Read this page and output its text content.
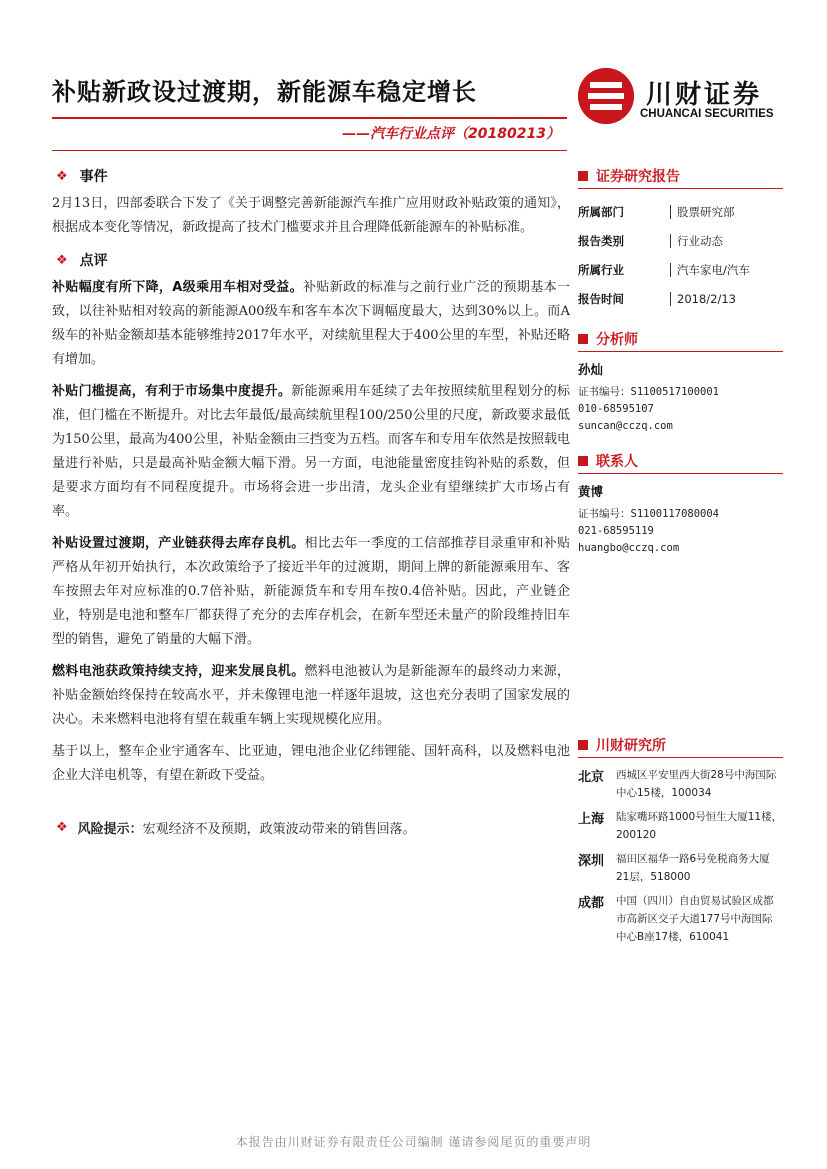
补贴新政设过渡期，新能源车稳定增长	川财证券
CHUANCAI SECURITIES
——汽车行业点评（20180213）
❖ 事件

2月13日，四部委联合下发了《关于调整完善新能源汽车推广应用财政补贴政策的通知》，根据成本变化等情况，新政提高了技术门槛要求并且合理降低新能源车的补贴标准。

❖ 点评

补贴幅度有所下降，A级乘用车相对受益。补贴新政的标准与之前行业广泛的预期基本一致，以往补贴相对较高的新能源A00级车和客车本次下调幅度最大，达到30%以上。而A级车的补贴金额却基本能够维持2017年水平，对续航里程大于400公里的车型，补贴还略有增加。

补贴门槛提高，有利于市场集中度提升。新能源乘用车延续了去年按照续航里程划分的标准，但门槛在不断提升。对比去年最低/最高续航里程100/250公里的尺度，新政要求最低为150公里，最高为400公里，补贴金额由三挡变为五档。而客车和专用车依然是按照载电量进行补贴，只是最高补贴金额大幅下滑。另一方面，电池能量密度挂钩补贴的系数，但是要求方面均有不同程度提升。市场将会进一步出清，龙头企业有望继续扩大市场占有率。

补贴设置过渡期，产业链获得去库存良机。相比去年一季度的工信部推荐目录重审和补贴严格从年初开始执行，本次政策给予了接近半年的过渡期，期间上牌的新能源乘用车、客车按照去年对应标准的0.7倍补贴，新能源货车和专用车按0.4倍补贴。因此，产业链企业，特别是电池和整车厂都获得了充分的去库存机会，在新车型还未量产的阶段维持旧车型的销售，避免了销量的大幅下滑。

燃料电池获政策持续支持，迎来发展良机。燃料电池被认为是新能源车的最终动力来源，补贴金额始终保持在较高水平，并未像锂电池一样逐年退坡，这也充分表明了国家发展的决心。未来燃料电池将有望在载重车辆上实现规模化应用。

基于以上，整车企业宇通客车、比亚迪，锂电池企业亿纬锂能、国轩高科，以及燃料电池企业大洋电机等，有望在新政下受益。

❖ 风险提示： 宏观经济不及预期，政策波动带来的销售回落。
证券研究报告
所属部门	股票研究部
报告类别	行业动态
所属行业	汽车家电/汽车
报告时间	2018/2/13
分析师
孙灿
证书编号：S1100517100001
010-68595107
suncan@cczq.com
联系人
黄博
证书编号：S1100117080004
021-68595119
huangbo@cczq.com
川财研究所
北京	西城区平安里西大街28号中海国际中心15楼，100034
上海	陆家嘴环路1000号恒生大厦11楼，200120
深圳	福田区福华一路6号免税商务大厦21层，518000
成都	中国（四川）自由贸易试验区成都市高新区交子大道177号中海国际中心B座17楼，610041
本报告由川财证券有限责任公司编制 谨请参阅尾页的重要声明
